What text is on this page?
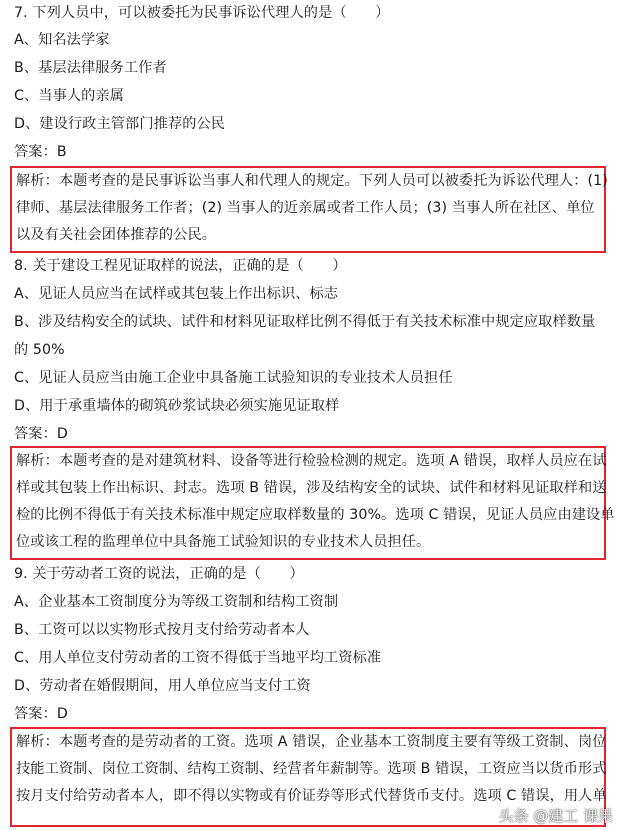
7. 下列人员中，可以被委托为民事诉讼代理人的是（　　）
A、知名法学家
B、基层法律服务工作者
C、当事人的亲属
D、建设行政主管部门推荐的公民
答案：B
解析：本题考查的是民事诉讼当事人和代理人的规定。下列人员可以被委托为诉讼代理人：(1)
律师、基层法律服务工作者；(2) 当事人的近亲属或者工作人员；(3) 当事人所在社区、单位
以及有关社会团体推荐的公民。
8. 关于建设工程见证取样的说法，正确的是（　　）
A、见证人员应当在试样或其包装上作出标识、标志
B、涉及结构安全的试块、试件和材料见证取样比例不得低于有关技术标准中规定应取样数量
的 50%
C、见证人员应当由施工企业中具备施工试验知识的专业技术人员担任
D、用于承重墙体的砌筑砂浆试块必须实施见证取样
答案：D
解析：本题考查的是对建筑材料、设备等进行检验检测的规定。选项 A 错误，取样人员应在试
样或其包装上作出标识、封志。选项 B 错误，涉及结构安全的试块、试件和材料见证取样和送
检的比例不得低于有关技术标准中规定应取样数量的 30%。选项 C 错误，见证人员应由建设单
位或该工程的监理单位中具备施工试验知识的专业技术人员担任。
9. 关于劳动者工资的说法，正确的是（　　）
A、企业基本工资制度分为等级工资制和结构工资制
B、工资可以以实物形式按月支付给劳动者本人
C、用人单位支付劳动者的工资不得低于当地平均工资标准
D、劳动者在婚假期间，用人单位应当支付工资
答案：D
解析：本题考查的是劳动者的工资。选项 A 错误，企业基本工资制度主要有等级工资制、岗位
技能工资制、岗位工资制、结构工资制、经营者年薪制等。选项 B 错误，工资应当以货币形式
按月支付给劳动者本人，即不得以实物或有价证券等形式代替货币支付。选项 C 错误，用人单
头条 @建工 课果
